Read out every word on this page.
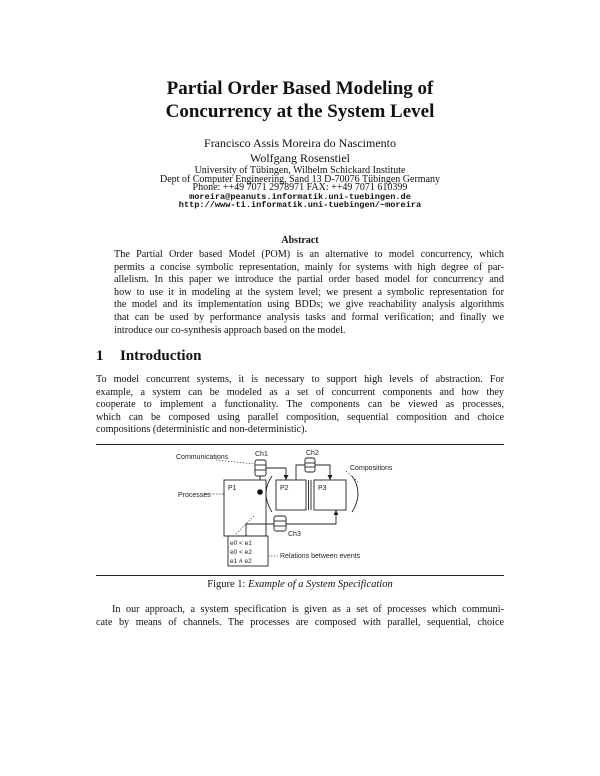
Partial Order Based Modeling of
Concurrency at the System Level
Francisco Assis Moreira do Nascimento
Wolfgang Rosenstiel
University of Tübingen, Wilhelm Schickard Institute
Dept of Computer Engineering, Sand 13 D-70076 Tübingen Germany
Phone: ++49 7071 2978971 FAX: ++49 7071 610399
moreira@peanuts.informatik.uni-tuebingen.de
http://www-ti.informatik.uni-tuebingen/~moreira
Abstract
The Partial Order based Model (POM) is an alternative to model concurrency, which
permits a concise symbolic representation, mainly for systems with high degree of par-
allelism. In this paper we introduce the partial order based model for concurrency and
how to use it in modeling at the system level; we present a symbolic representation for
the model and its implementation using BDDs; we give reachability analysis algorithms
that can be used by performance analysis tasks and formal verification; and finally we
introduce our co-synthesis approach based on the model.
1 Introduction
To model concurrent systems, it is necessary to support high levels of abstraction. For
example, a system can be modeled as a set of concurrent components and how they
cooperate to implement a functionality. The components can be viewed as processes,
which can be composed using parallel composition, sequential composition and choice
compositions (deterministic and non-deterministic).
Communications	Ch1	Ch2
Compositions
Processes
P1	P2	P3
Ch3
Relations between events
e0 < e1
e0 < e2
e1 # e2
Figure 1: Example of a System Specification
In our approach, a system specification is given as a set of processes which communi-
cate by means of channels. The processes are composed with parallel, sequential, choice
